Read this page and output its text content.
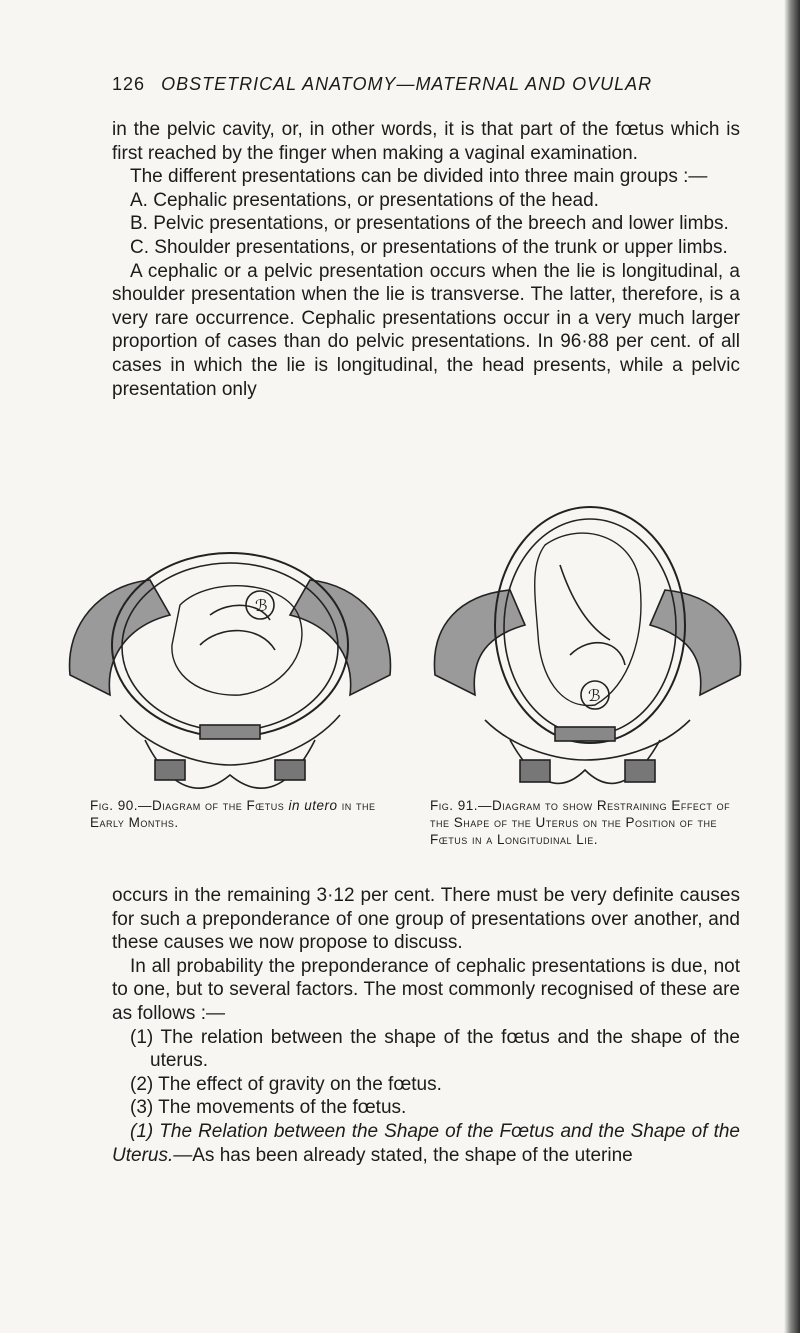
126 OBSTETRICAL ANATOMY—MATERNAL AND OVULAR

in the pelvic cavity, or, in other words, it is that part of the fœtus which is first reached by the finger when making a vaginal examination.

The different presentations can be divided into three main groups :—

A. Cephalic presentations, or presentations of the head.

B. Pelvic presentations, or presentations of the breech and lower limbs.

C. Shoulder presentations, or presentations of the trunk or upper limbs.

A cephalic or a pelvic presentation occurs when the lie is longitudinal, a shoulder presentation when the lie is transverse. The latter, therefore, is a very rare occurrence. Cephalic presentations occur in a very much larger proportion of cases than do pelvic presentations. In 96·88 per cent. of all cases in which the lie is longitudinal, the head presents, while a pelvic presentation only

ℬ
Fig. 90.—Diagram of the Fœtus in utero in the Early Months.
ℬ
Fig. 91.—Diagram to show Restraining Effect of the Shape of the Uterus on the Position of the Fœtus in a Longitudinal Lie.

occurs in the remaining 3·12 per cent. There must be very definite causes for such a preponderance of one group of presentations over another, and these causes we now propose to discuss.

In all probability the preponderance of cephalic presentations is due, not to one, but to several factors. The most commonly recognised of these are as follows :—

(1) The relation between the shape of the fœtus and the shape of the uterus.

(2) The effect of gravity on the fœtus.

(3) The movements of the fœtus.

(1) The Relation between the Shape of the Fœtus and the Shape of the Uterus.—As has been already stated, the shape of the uterine
